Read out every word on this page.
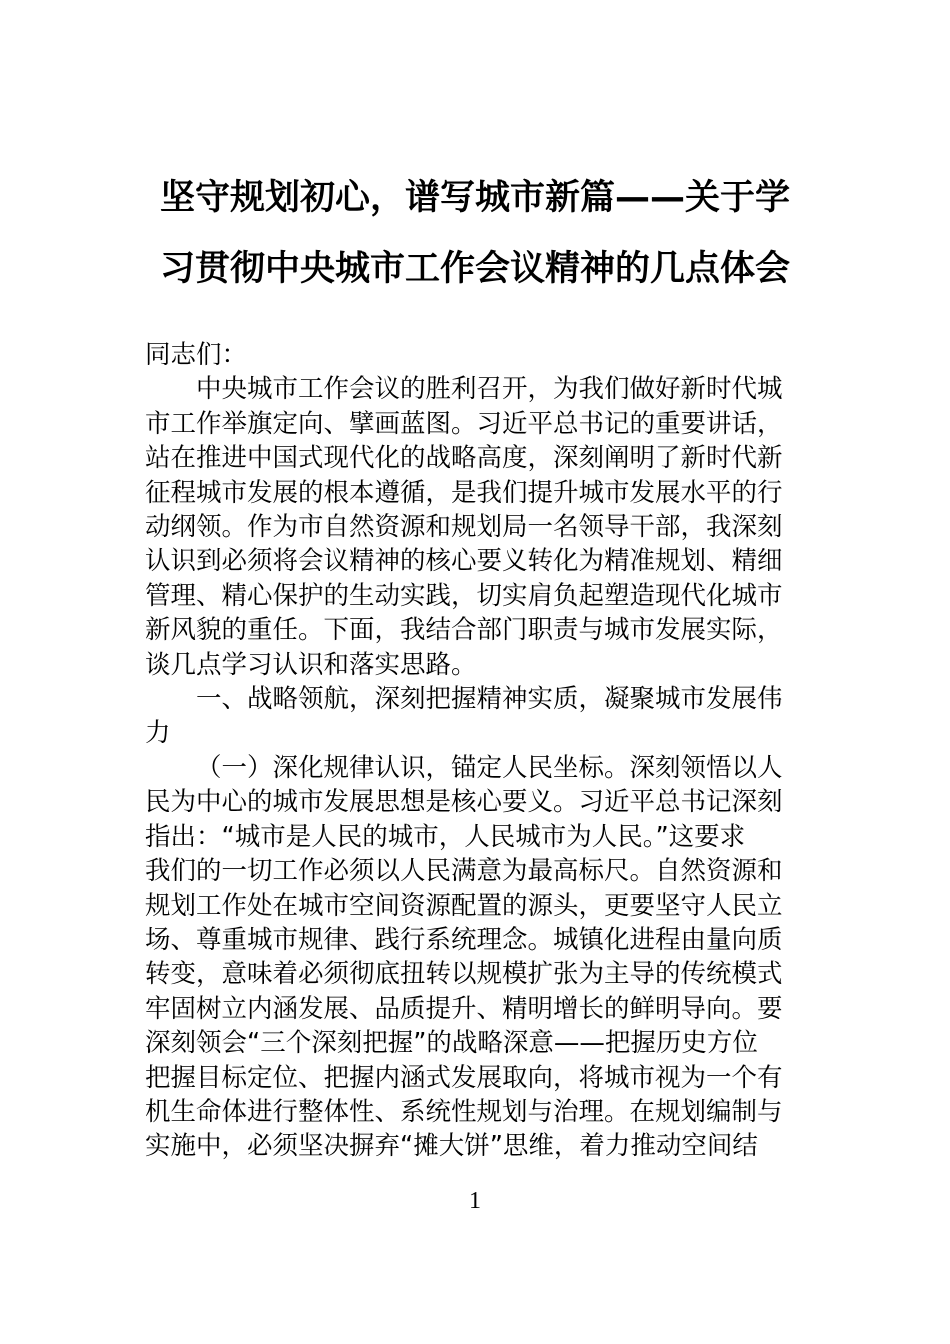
坚守规划初心，谱写城市新篇——关于学
习贯彻中央城市工作会议精神的几点体会

同志们：

中央城市工作会议的胜利召开，为我们做好新时代城

市工作举旗定向、擘画蓝图。习近平总书记的重要讲话，

站在推进中国式现代化的战略高度，深刻阐明了新时代新

征程城市发展的根本遵循，是我们提升城市发展水平的行

动纲领。作为市自然资源和规划局一名领导干部，我深刻

认识到必须将会议精神的核心要义转化为精准规划、精细

管理、精心保护的生动实践，切实肩负起塑造现代化城市

新风貌的重任。下面，我结合部门职责与城市发展实际，

谈几点学习认识和落实思路。

一、战略领航，深刻把握精神实质，凝聚城市发展伟

力

（一）深化规律认识，锚定人民坐标。深刻领悟以人

民为中心的城市发展思想是核心要义。习近平总书记深刻

指出：“城市是人民的城市，人民城市为人民。”这要求

我们的一切工作必须以人民满意为最高标尺。自然资源和

规划工作处在城市空间资源配置的源头，更要坚守人民立

场、尊重城市规律、践行系统理念。城镇化进程由量向质

转变，意味着必须彻底扭转以规模扩张为主导的传统模式

牢固树立内涵发展、品质提升、精明增长的鲜明导向。要

深刻领会“三个深刻把握”的战略深意——把握历史方位

把握目标定位、把握内涵式发展取向，将城市视为一个有

机生命体进行整体性、系统性规划与治理。在规划编制与

实施中，必须坚决摒弃“摊大饼”思维，着力推动空间结

1
